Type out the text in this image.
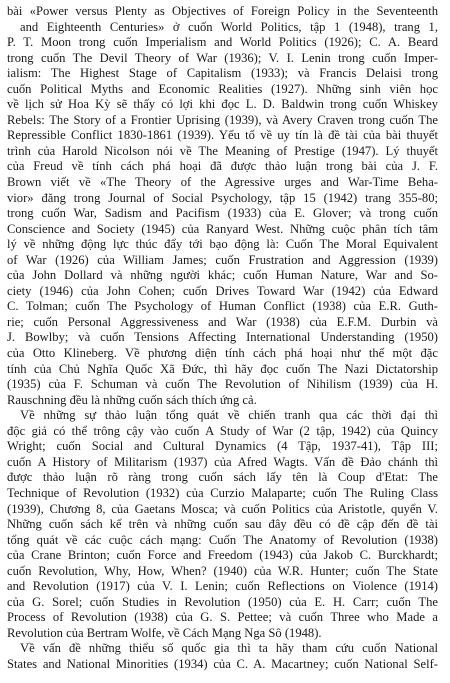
bài «Power versus Plenty as Objectives of Foreign Policy in the Seventeenth
and Eighteenth Centuries» ở cuốn World Politics, tập 1 (1948), trang 1,
P. T. Moon trong cuốn Imperialism and World Politics (1926); C. A. Beard
trong cuốn The Devil Theory of War (1936); V. I. Lenin trong cuốn Imper-
ialism: The Highest Stage of Capitalism (1933); và Francis Delaisi trong
cuốn Political Myths and Economic Realities (1927). Những sinh viên học
về lịch sử Hoa Kỳ sẽ thấy có lợi khi đọc L. D. Baldwin trong cuốn Whiskey
Rebels: The Story of a Frontier Uprising (1939), và Avery Craven trong cuốn The
Repressible Conflict 1830-1861 (1939). Yếu tố về uy tín là đề tài của bài thuyết
trình của Harold Nicolson nói về The Meaning of Prestige (1947). Lý thuyết
của Freud về tính cách phá hoại đã được thảo luận trong bài của J. F.
Brown viết về «The Theory of the Agressive urges and War-Time Beha-
vior» đăng trong Journal of Social Psychology, tập 15 (1942) trang 355-80;
trong cuốn War, Sadism and Pacifism (1933) của E. Glover; và trong cuốn
Conscience and Society (1945) của Ranyard West. Những cuộc phân tích tâm
lý về những động lực thúc đẩy tới bạo động là: Cuốn The Moral Equivalent
of War (1926) của William James; cuốn Frustration and Aggression (1939)
của John Dollard và những người khác; cuốn Human Nature, War and So-
ciety (1946) của John Cohen; cuốn Drives Toward War (1942) của Edward
C. Tolman; cuốn The Psychology of Human Conflict (1938) của E.R. Guth-
rie; cuốn Personal Aggressiveness and War (1938) của E.F.M. Durbin và
J. Bowlby; và cuốn Tensions Affecting International Understanding (1950)
của Otto Klineberg. Về phương diện tính cách phá hoại như thế một đặc
tính của Chủ Nghĩa Quốc Xã Đức, thì hãy đọc cuốn The Nazi Dictatorship
(1935) của F. Schuman và cuốn The Revolution of Nihilism (1939) của H.
Rauschning đều là những cuốn sách thích ứng cả.
Về những sự thảo luận tổng quát về chiến tranh qua các thời đại thì
độc giả có thể trông cậy vào cuốn A Study of War (2 tập, 1942) của Quincy
Wright; cuốn Social and Cultural Dynamics (4 Tập, 1937-41), Tập III;
cuốn A History of Militarism (1937) của Afred Wagts. Vấn đề Đảo chánh thì
được thảo luận rõ ràng trong cuốn sách lấy tên là Coup d'Etat: The
Technique of Revolution (1932) của Curzio Malaparte; cuốn The Ruling Class
(1939), Chương 8, của Gaetans Mosca; và cuốn Politics của Aristotle, quyển V.
Những cuốn sách kể trên và những cuốn sau đây đều có đề cập đến đề tài
tổng quát về các cuộc cách mạng: Cuốn The Anatomy of Revolution (1938)
của Crane Brinton; cuốn Force and Freedom (1943) của Jakob C. Burckhardt;
cuốn Revolution, Why, How, When? (1940) của W.R. Hunter; cuốn The State
and Revolution (1917) của V. I. Lenin; cuốn Reflections on Violence (1914)
của G. Sorel; cuốn Studies in Revolution (1950) của E. H. Carr; cuốn The
Process of Revolution (1938) của G. S. Pettee; và cuốn Three who Made a
Revolution của Bertram Wolfe, về Cách Mạng Nga Sô (1948).
Về vấn đề những thiểu số quốc gia thì ta hãy tham cứu cuốn National
States and National Minorities (1934) của C. A. Macartney; cuốn National Self-
